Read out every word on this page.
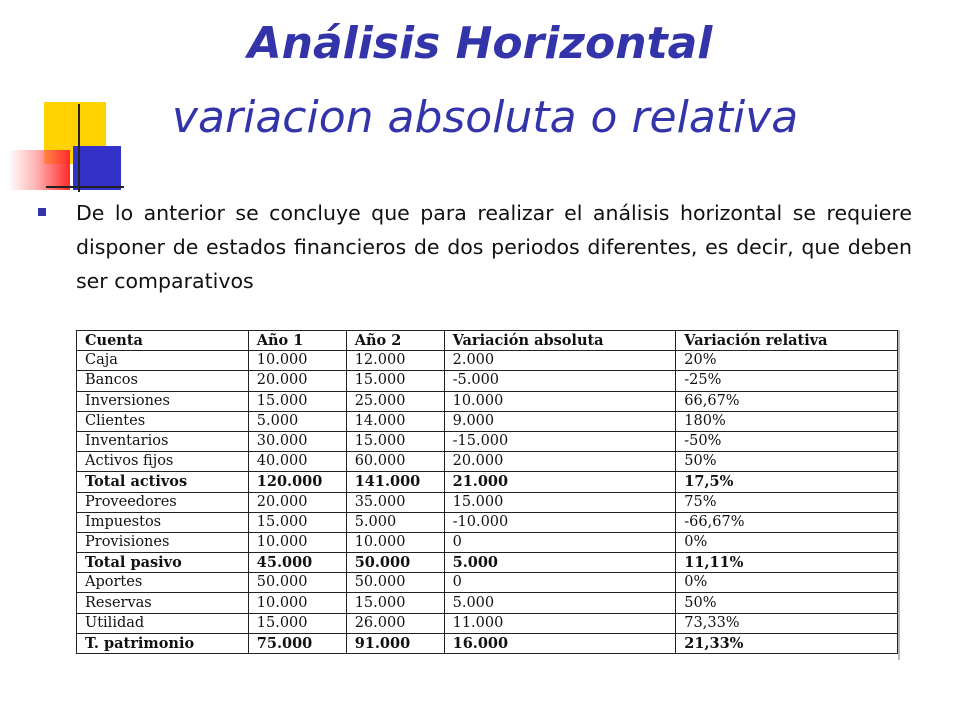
Análisis Horizontal
variacion absoluta o relativa
De lo anterior se concluye que para realizar el análisis horizontal se requiere disponer de estados financieros de dos periodos diferentes, es decir, que deben ser comparativos
Cuenta	Año 1	Año 2	Variación absoluta	Variación relativa
Caja	10.000	12.000	2.000	20%
Bancos	20.000	15.000	-5.000	-25%
Inversiones	15.000	25.000	10.000	66,67%
Clientes	5.000	14.000	9.000	180%
Inventarios	30.000	15.000	-15.000	-50%
Activos fijos	40.000	60.000	20.000	50%
Total activos	120.000	141.000	21.000	17,5%
Proveedores	20.000	35.000	15.000	75%
Impuestos	15.000	5.000	-10.000	-66,67%
Provisiones	10.000	10.000	0	0%
Total pasivo	45.000	50.000	5.000	11,11%
Aportes	50.000	50.000	0	0%
Reservas	10.000	15.000	5.000	50%
Utilidad	15.000	26.000	11.000	73,33%
T. patrimonio	75.000	91.000	16.000	21,33%
